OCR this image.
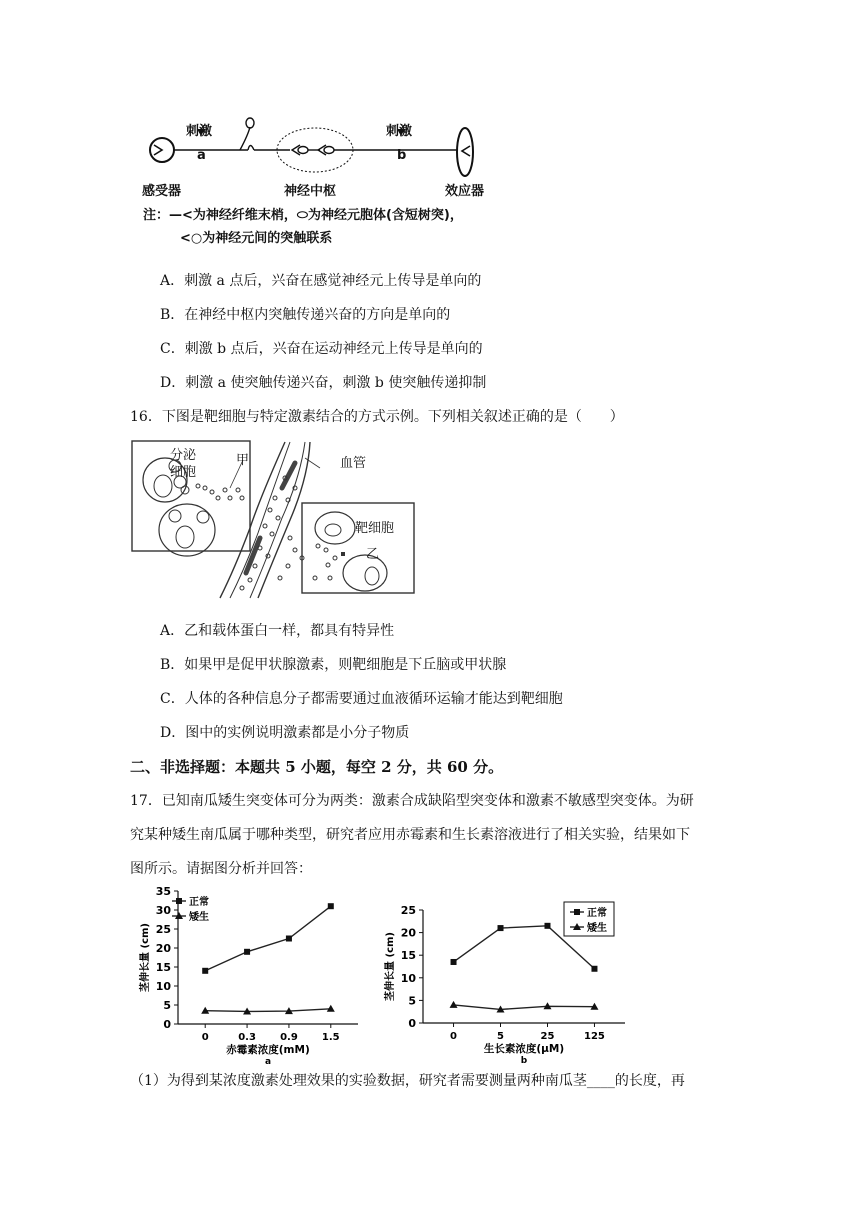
刺激
a
刺激
b
感受器	神经中枢	效应器
注：—<为神经纤维末梢，⬭为神经元胞体(含短树突)，
<○为神经元间的突触联系
A．刺激 a 点后，兴奋在感觉神经元上传导是单向的
B．在神经中枢内突触传递兴奋的方向是单向的
C．刺激 b 点后，兴奋在运动神经元上传导是单向的
D．刺激 a 使突触传递兴奋，刺激 b 使突触传递抑制
16．下图是靶细胞与特定激素结合的方式示例。下列相关叙述正确的是（　　）
分泌
细胞
甲	血管
靶细胞
乙
A．乙和载体蛋白一样，都具有特异性
B．如果甲是促甲状腺激素，则靶细胞是下丘脑或甲状腺
C．人体的各种信息分子都需要通过血液循环运输才能达到靶细胞
D．图中的实例说明激素都是小分子物质
二、非选择题：本题共 5 小题，每空 2 分，共 60 分。
17．已知南瓜矮生突变体可分为两类：激素合成缺陷型突变体和激素不敏感型突变体。为研
究某种矮生南瓜属于哪种类型，研究者应用赤霉素和生长素溶液进行了相关实验，结果如下
图所示。请据图分析并回答：
0
5
10
15
20
25
30
35
0	0.3 0.9 1.5
赤霉素浓度(mM)
a
茎伸长量 (cm)
正常
矮生
0
5
10
15
20
25
0	5	25	125
生长素浓度(μM)
b
茎伸长量 (cm)
正常
矮生
（1）为得到某浓度激素处理效果的实验数据，研究者需要测量两种南瓜茎____的长度，再
